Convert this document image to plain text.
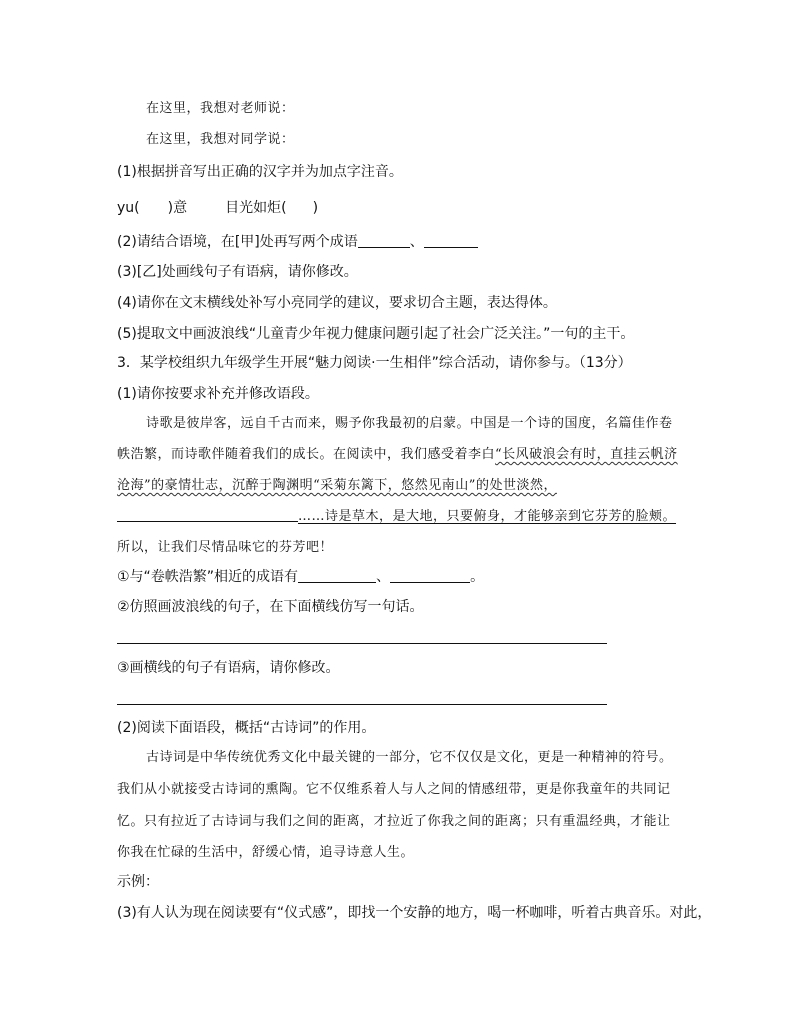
在这里，我想对老师说：
在这里，我想对同学说：
(1)根据拼音写出正确的汉字并为加点字注音。
yu( )意	目光如炬( )
(2)请结合语境，在[甲]处再写两个成语	、
(3)[乙]处画线句子有语病，请你修改。
(4)请你在文末横线处补写小亮同学的建议，要求切合主题，表达得体。
(5)提取文中画波浪线“儿童青少年视力健康问题引起了社会广泛关注。”一句的主干。
3．某学校组织九年级学生开展“魅力阅读·一生相伴”综合活动，请你参与。（13分）
(1)请你按要求补充并修改语段。
诗歌是彼岸客，远自千古而来，赐予你我最初的启蒙。中国是一个诗的国度，名篇佳作卷
帙浩繁，而诗歌伴随着我们的成长。在阅读中，我们感受着李白“长风破浪会有时，直挂云帆济
沧海”的豪情壮志，沉醉于陶渊明“采菊东篱下，悠然见南山”的处世淡然，
……诗是草木，是大地，只要俯身，才能够亲到它芬芳的脸颊。
所以，让我们尽情品味它的芬芳吧！
①与“卷帙浩繁”相近的成语有	、	。
②仿照画波浪线的句子，在下面横线仿写一句话。
③画横线的句子有语病，请你修改。
(2)阅读下面语段，概括“古诗词”的作用。
古诗词是中华传统优秀文化中最关键的一部分，它不仅仅是文化，更是一种精神的符号。
我们从小就接受古诗词的熏陶。它不仅维系着人与人之间的情感纽带，更是你我童年的共同记
忆。只有拉近了古诗词与我们之间的距离，才拉近了你我之间的距离；只有重温经典，才能让
你我在忙碌的生活中，舒缓心情，追寻诗意人生。
示例：
(3)有人认为现在阅读要有“仪式感”，即找一个安静的地方，喝一杯咖啡，听着古典音乐。对此，
